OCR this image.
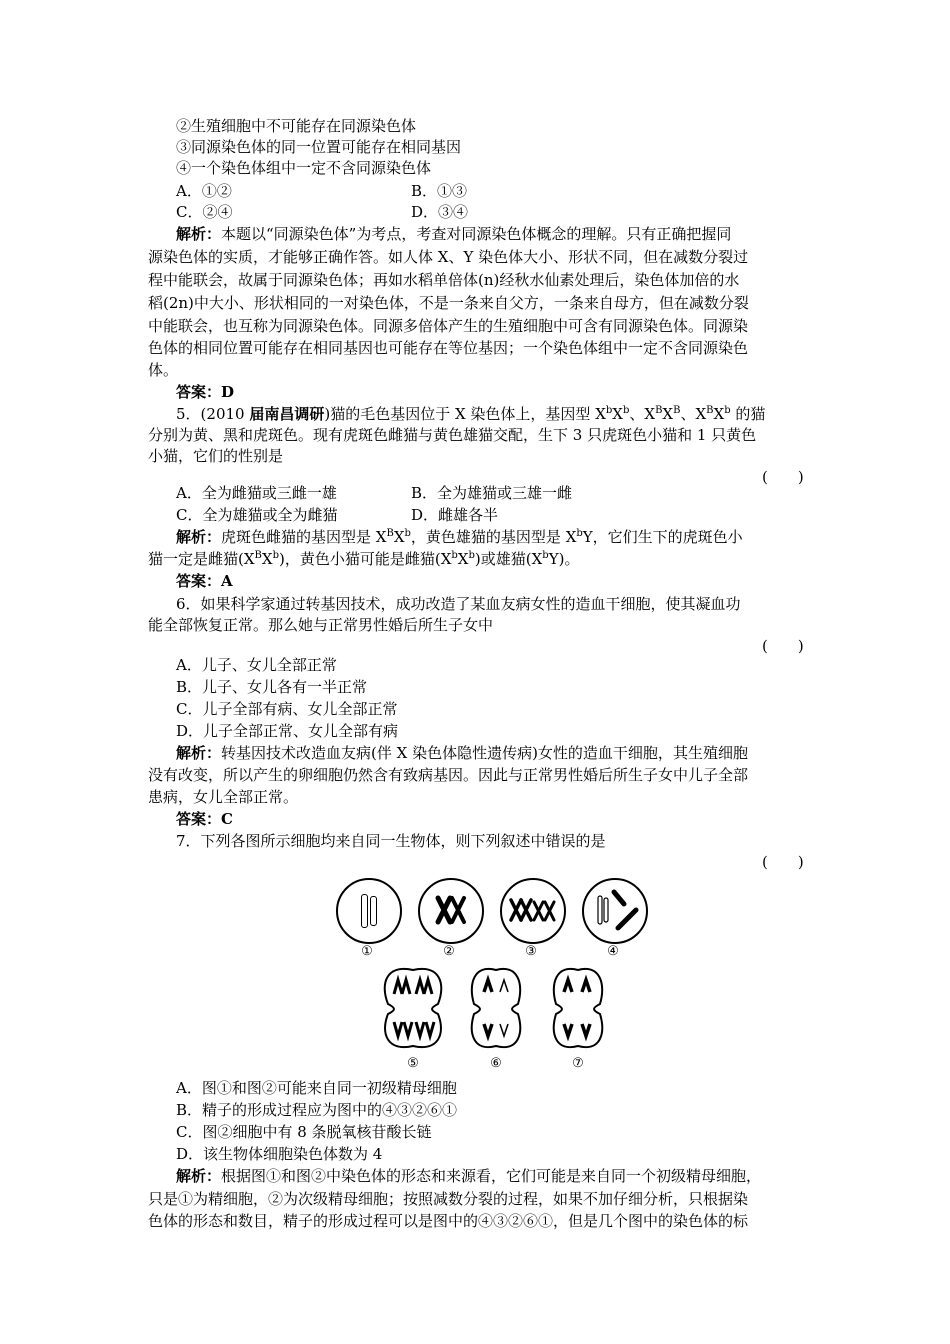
②生殖细胞中不可能存在同源染色体
③同源染色体的同一位置可能存在相同基因
④一个染色体组中一定不含同源染色体
A．①②	B．①③
C．②④	D．③④
解析：本题以“同源染色体”为考点，考查对同源染色体概念的理解。只有正确把握同
源染色体的实质，才能够正确作答。如人体 X、Y 染色体大小、形状不同，但在减数分裂过
程中能联会，故属于同源染色体；再如水稻单倍体(n)经秋水仙素处理后，染色体加倍的水
稻(2n)中大小、形状相同的一对染色体，不是一条来自父方，一条来自母方，但在减数分裂
中能联会，也互称为同源染色体。同源多倍体产生的生殖细胞中可含有同源染色体。同源染
色体的相同位置可能存在相同基因也可能存在等位基因；一个染色体组中一定不含同源染色
体。
答案：D
5．(2010 届南昌调研)猫的毛色基因位于 X 染色体上，基因型 $X^bX^b$、$X^BX^B$、$X^BX^b$ 的猫
分别为黄、黑和虎斑色。现有虎斑色雌猫与黄色雄猫交配，生下 3 只虎斑色小猫和 1 只黄色
小猫，它们的性别是
(　　)
A．全为雌猫或三雌一雄	B．全为雄猫或三雄一雌
C．全为雄猫或全为雌猫	D．雌雄各半
解析：虎斑色雌猫的基因型是 $X^BX^b$，黄色雄猫的基因型是 $X^bY$，它们生下的虎斑色小
猫一定是雌猫$(X^BX^b)$，黄色小猫可能是雌猫$(X^bX^b)$或雄猫$(X^bY)$。
答案：A
6．如果科学家通过转基因技术，成功改造了某血友病女性的造血干细胞，使其凝血功
能全部恢复正常。那么她与正常男性婚后所生子女中
(　　)
A．儿子、女儿全部正常
B．儿子、女儿各有一半正常
C．儿子全部有病、女儿全部正常
D．儿子全部正常、女儿全部有病
解析：转基因技术改造血友病(伴 X 染色体隐性遗传病)女性的造血干细胞，其生殖细胞
没有改变，所以产生的卵细胞仍然含有致病基因。因此与正常男性婚后所生子女中儿子全部
患病，女儿全部正常。
答案：C
7．下列各图所示细胞均来自同一生物体，则下列叙述中错误的是
(　　)
①	②	③	④
⑤	⑥	⑦
A．图①和图②可能来自同一初级精母细胞
B．精子的形成过程应为图中的④③②⑥①
C．图②细胞中有 8 条脱氧核苷酸长链
D．该生物体细胞染色体数为 4
解析：根据图①和图②中染色体的形态和来源看，它们可能是来自同一个初级精母细胞，
只是①为精细胞，②为次级精母细胞；按照减数分裂的过程，如果不加仔细分析，只根据染
色体的形态和数目，精子的形成过程可以是图中的④③②⑥①，但是几个图中的染色体的标
